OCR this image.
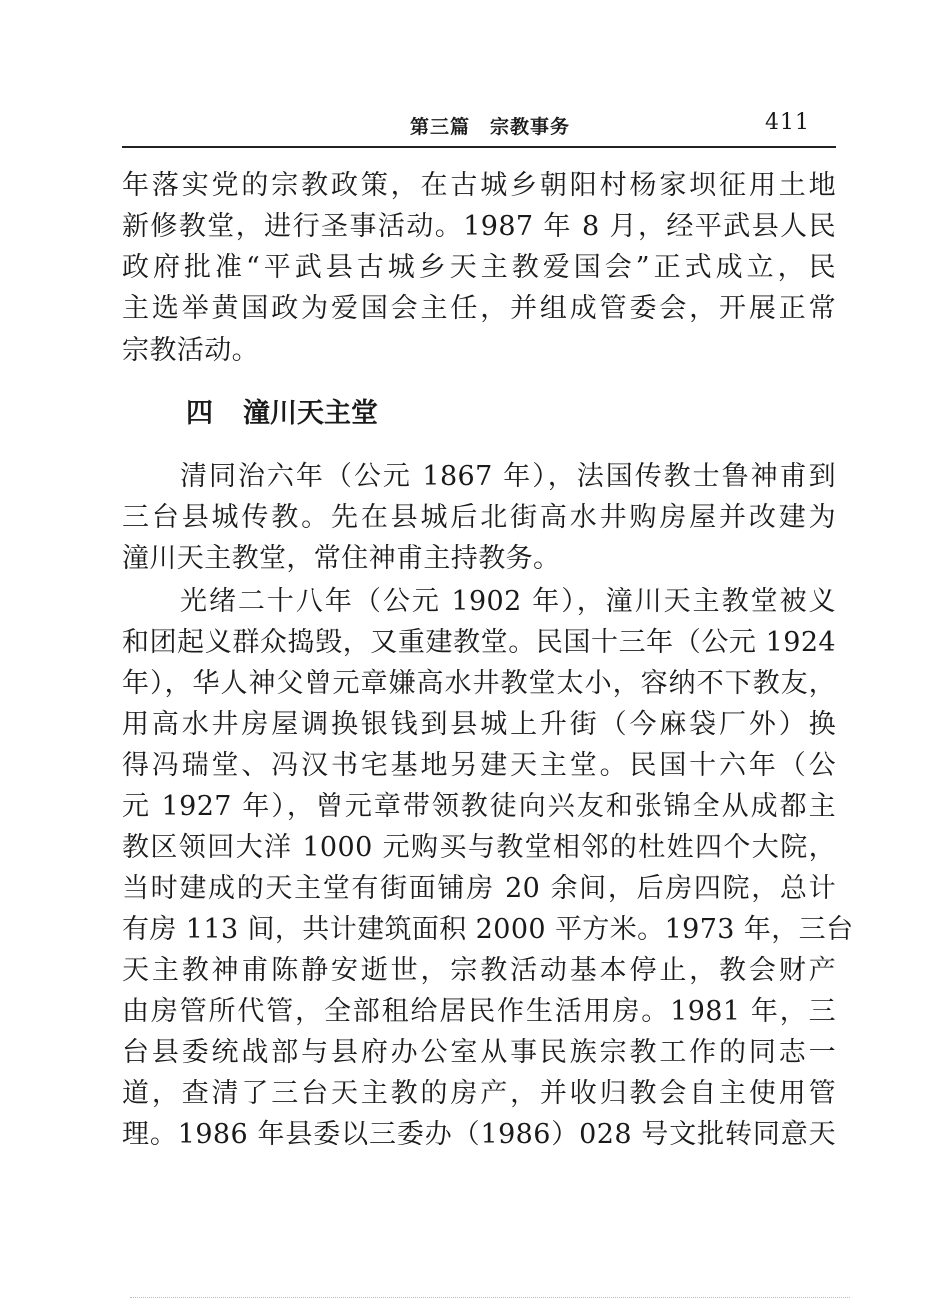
第三篇　宗教事务	411
年落实党的宗教政策，在古城乡朝阳村杨家坝征用土地
新修教堂，进行圣事活动。1987 年 8 月，经平武县人民
政府批准“平武县古城乡天主教爱国会”正式成立，民
主选举黄国政为爱国会主任，并组成管委会，开展正常
宗教活动。
四 潼川天主堂
　　清同治六年（公元 1867 年），法国传教士鲁神甫到
三台县城传教。先在县城后北街高水井购房屋并改建为
潼川天主教堂，常住神甫主持教务。
　　光绪二十八年（公元 1902 年），潼川天主教堂被义
和团起义群众捣毁，又重建教堂。民国十三年（公元 1924
年），华人神父曾元章嫌高水井教堂太小，容纳不下教友，
用高水井房屋调换银钱到县城上升街（今麻袋厂外）换
得冯瑞堂、冯汉书宅基地另建天主堂。民国十六年（公
元 1927 年），曾元章带领教徒向兴友和张锦全从成都主
教区领回大洋 1000 元购买与教堂相邻的杜姓四个大院，
当时建成的天主堂有街面铺房 20 余间，后房四院，总计
有房 113 间，共计建筑面积 2000 平方米。1973 年，三台
天主教神甫陈静安逝世，宗教活动基本停止，教会财产
由房管所代管，全部租给居民作生活用房。1981 年，三
台县委统战部与县府办公室从事民族宗教工作的同志一
道，查清了三台天主教的房产，并收归教会自主使用管
理。1986 年县委以三委办（1986）028 号文批转同意天
